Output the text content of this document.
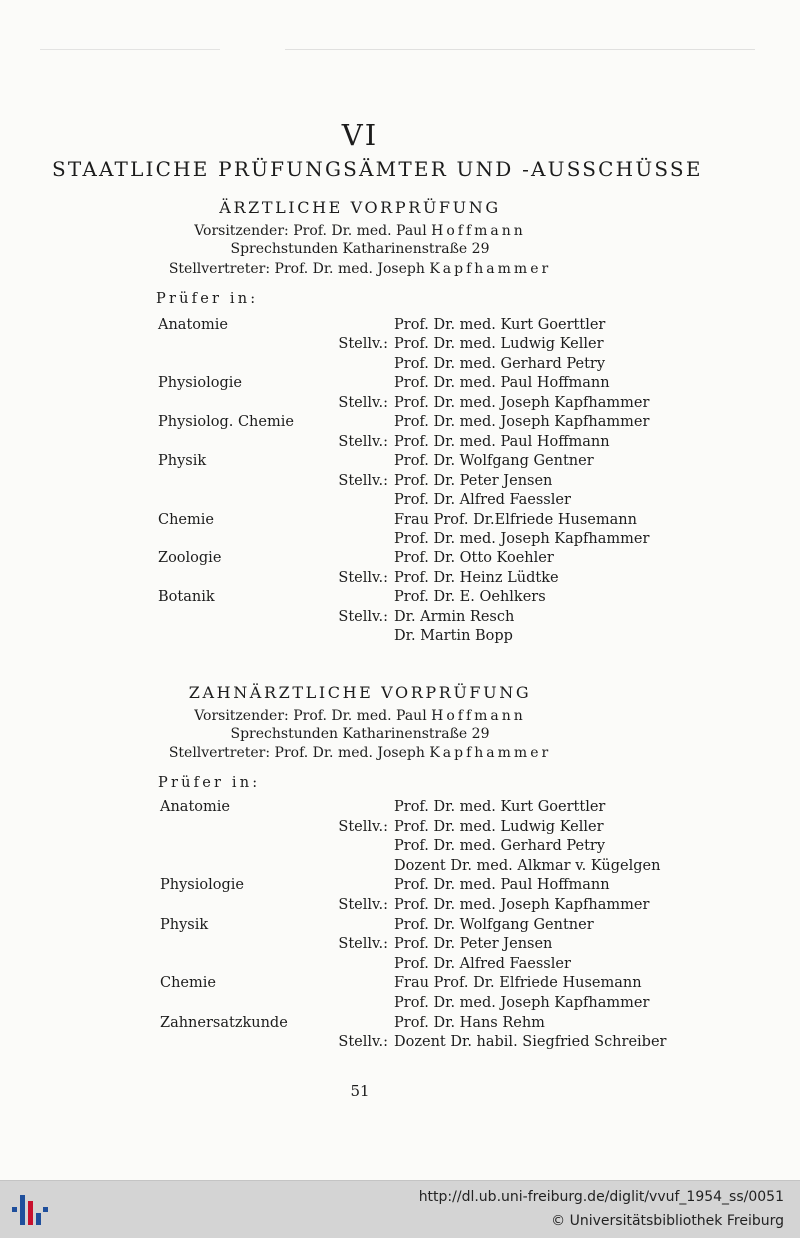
VI
STAATLICHE PRÜFUNGSÄMTER UND -AUSSCHÜSSE
ÄRZTLICHE VORPRÜFUNG
Vorsitzender: Prof. Dr. med. Paul Hoffmann
Sprechstunden Katharinenstraße 29
Stellvertreter: Prof. Dr. med. Joseph Kapfhammer
Prüfer in:
Anatomie	Prof. Dr. med. Kurt Goerttler
Stellv.: Prof. Dr. med. Ludwig Keller
Prof. Dr. med. Gerhard Petry
Physiologie	Prof. Dr. med. Paul Hoffmann
Stellv.: Prof. Dr. med. Joseph Kapfhammer
Physiolog. Chemie	Prof. Dr. med. Joseph Kapfhammer
Stellv.: Prof. Dr. med. Paul Hoffmann
Physik	Prof. Dr. Wolfgang Gentner
Stellv.: Prof. Dr. Peter Jensen
Prof. Dr. Alfred Faessler
Chemie	Frau Prof. Dr.Elfriede Husemann
Prof. Dr. med. Joseph Kapfhammer
Zoologie	Prof. Dr. Otto Koehler
Stellv.: Prof. Dr. Heinz Lüdtke
Botanik	Prof. Dr. E. Oehlkers
Stellv.: Dr. Armin Resch
Dr. Martin Bopp
ZAHNÄRZTLICHE VORPRÜFUNG
Vorsitzender: Prof. Dr. med. Paul Hoffmann
Sprechstunden Katharinenstraße 29
Stellvertreter: Prof. Dr. med. Joseph Kapfhammer
Prüfer in:
Anatomie	Prof. Dr. med. Kurt Goerttler
Stellv.: Prof. Dr. med. Ludwig Keller
Prof. Dr. med. Gerhard Petry
Dozent Dr. med. Alkmar v. Kügelgen
Physiologie	Prof. Dr. med. Paul Hoffmann
Stellv.: Prof. Dr. med. Joseph Kapfhammer
Physik	Prof. Dr. Wolfgang Gentner
Stellv.: Prof. Dr. Peter Jensen
Prof. Dr. Alfred Faessler
Chemie	Frau Prof. Dr. Elfriede Husemann
Prof. Dr. med. Joseph Kapfhammer
Zahnersatzkunde	Prof. Dr. Hans Rehm
Stellv.: Dozent Dr. habil. Siegfried Schreiber
51
http://dl.ub.uni-freiburg.de/diglit/vvuf_1954_ss/0051
© Universitätsbibliothek Freiburg
